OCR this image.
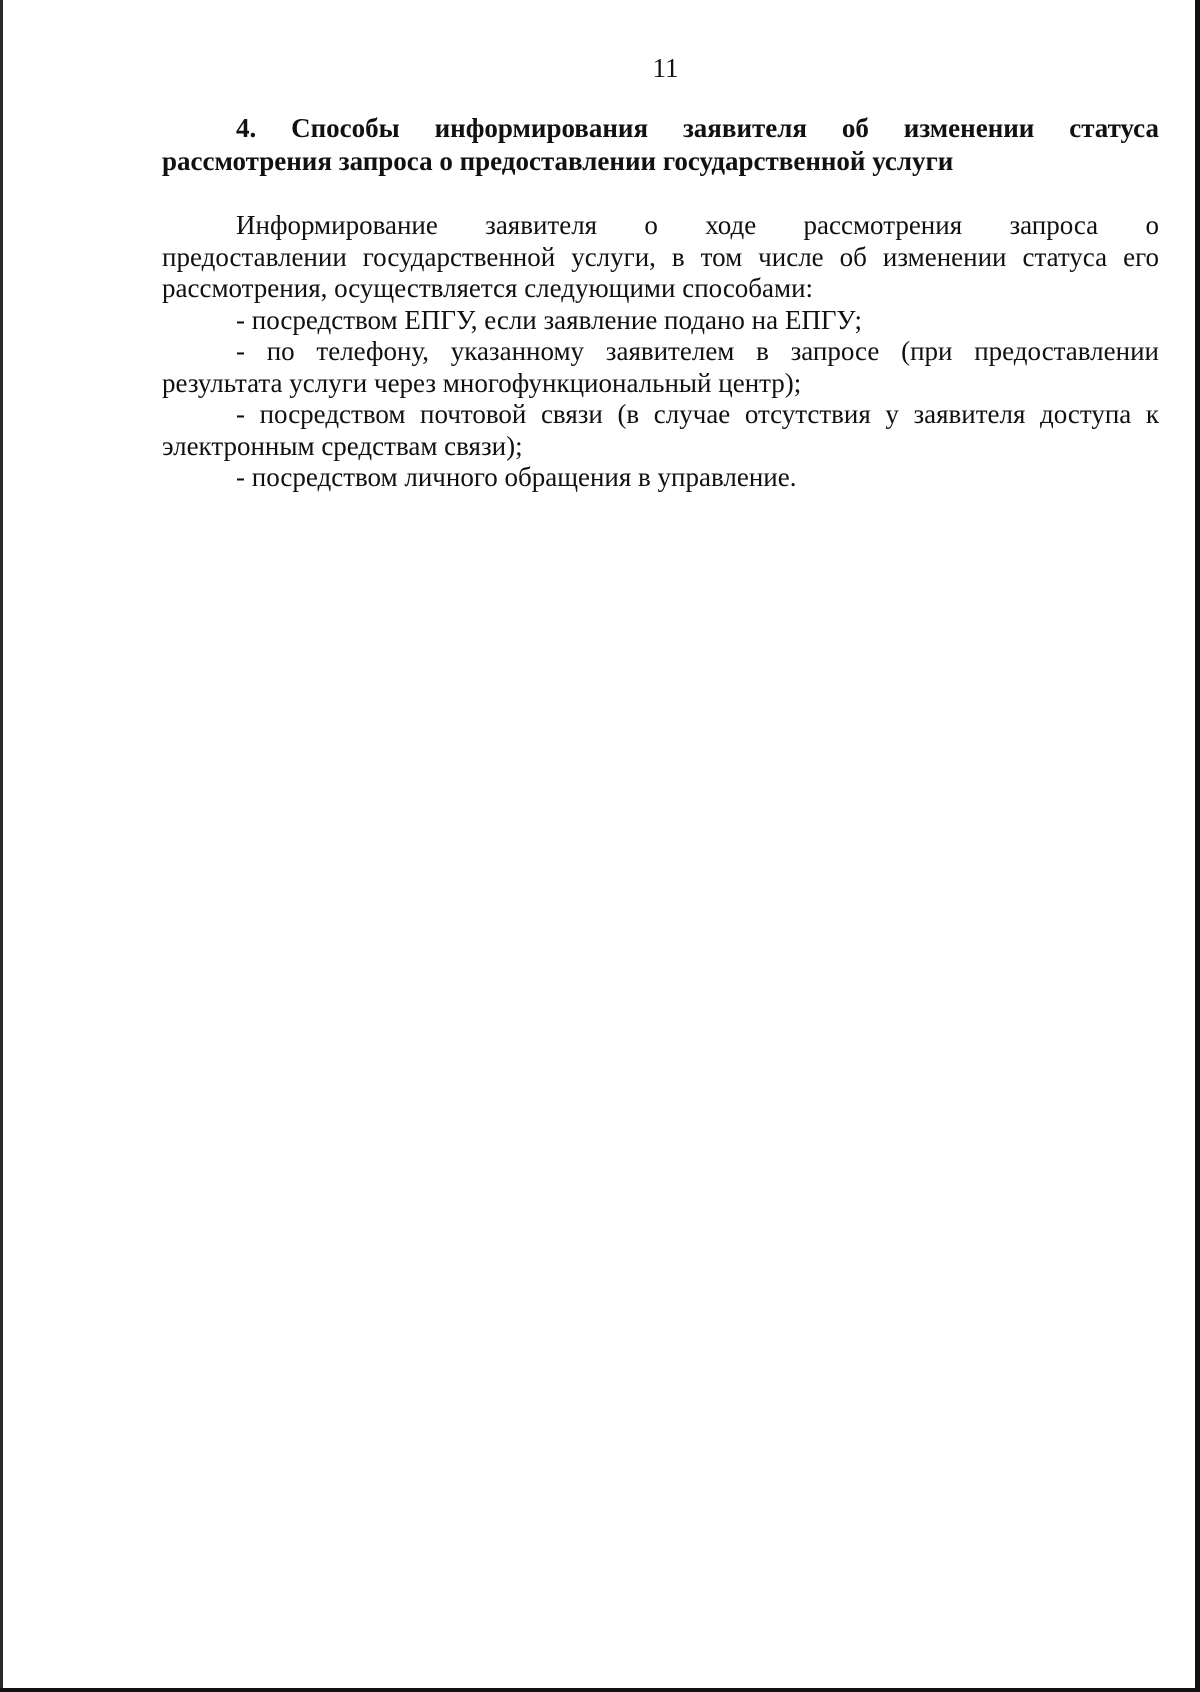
11
4. Способы информирования заявителя об изменении статуса
рассмотрения запроса о предоставлении государственной услуги
Информирование заявителя о ходе рассмотрения запроса о
предоставлении государственной услуги, в том числе об изменении статуса его
рассмотрения, осуществляется следующими способами:
- посредством ЕПГУ, если заявление подано на ЕПГУ;
- по телефону, указанному заявителем в запросе (при предоставлении
результата услуги через многофункциональный центр);
- посредством почтовой связи (в случае отсутствия у заявителя доступа к
электронным средствам связи);
- посредством личного обращения в управление.
